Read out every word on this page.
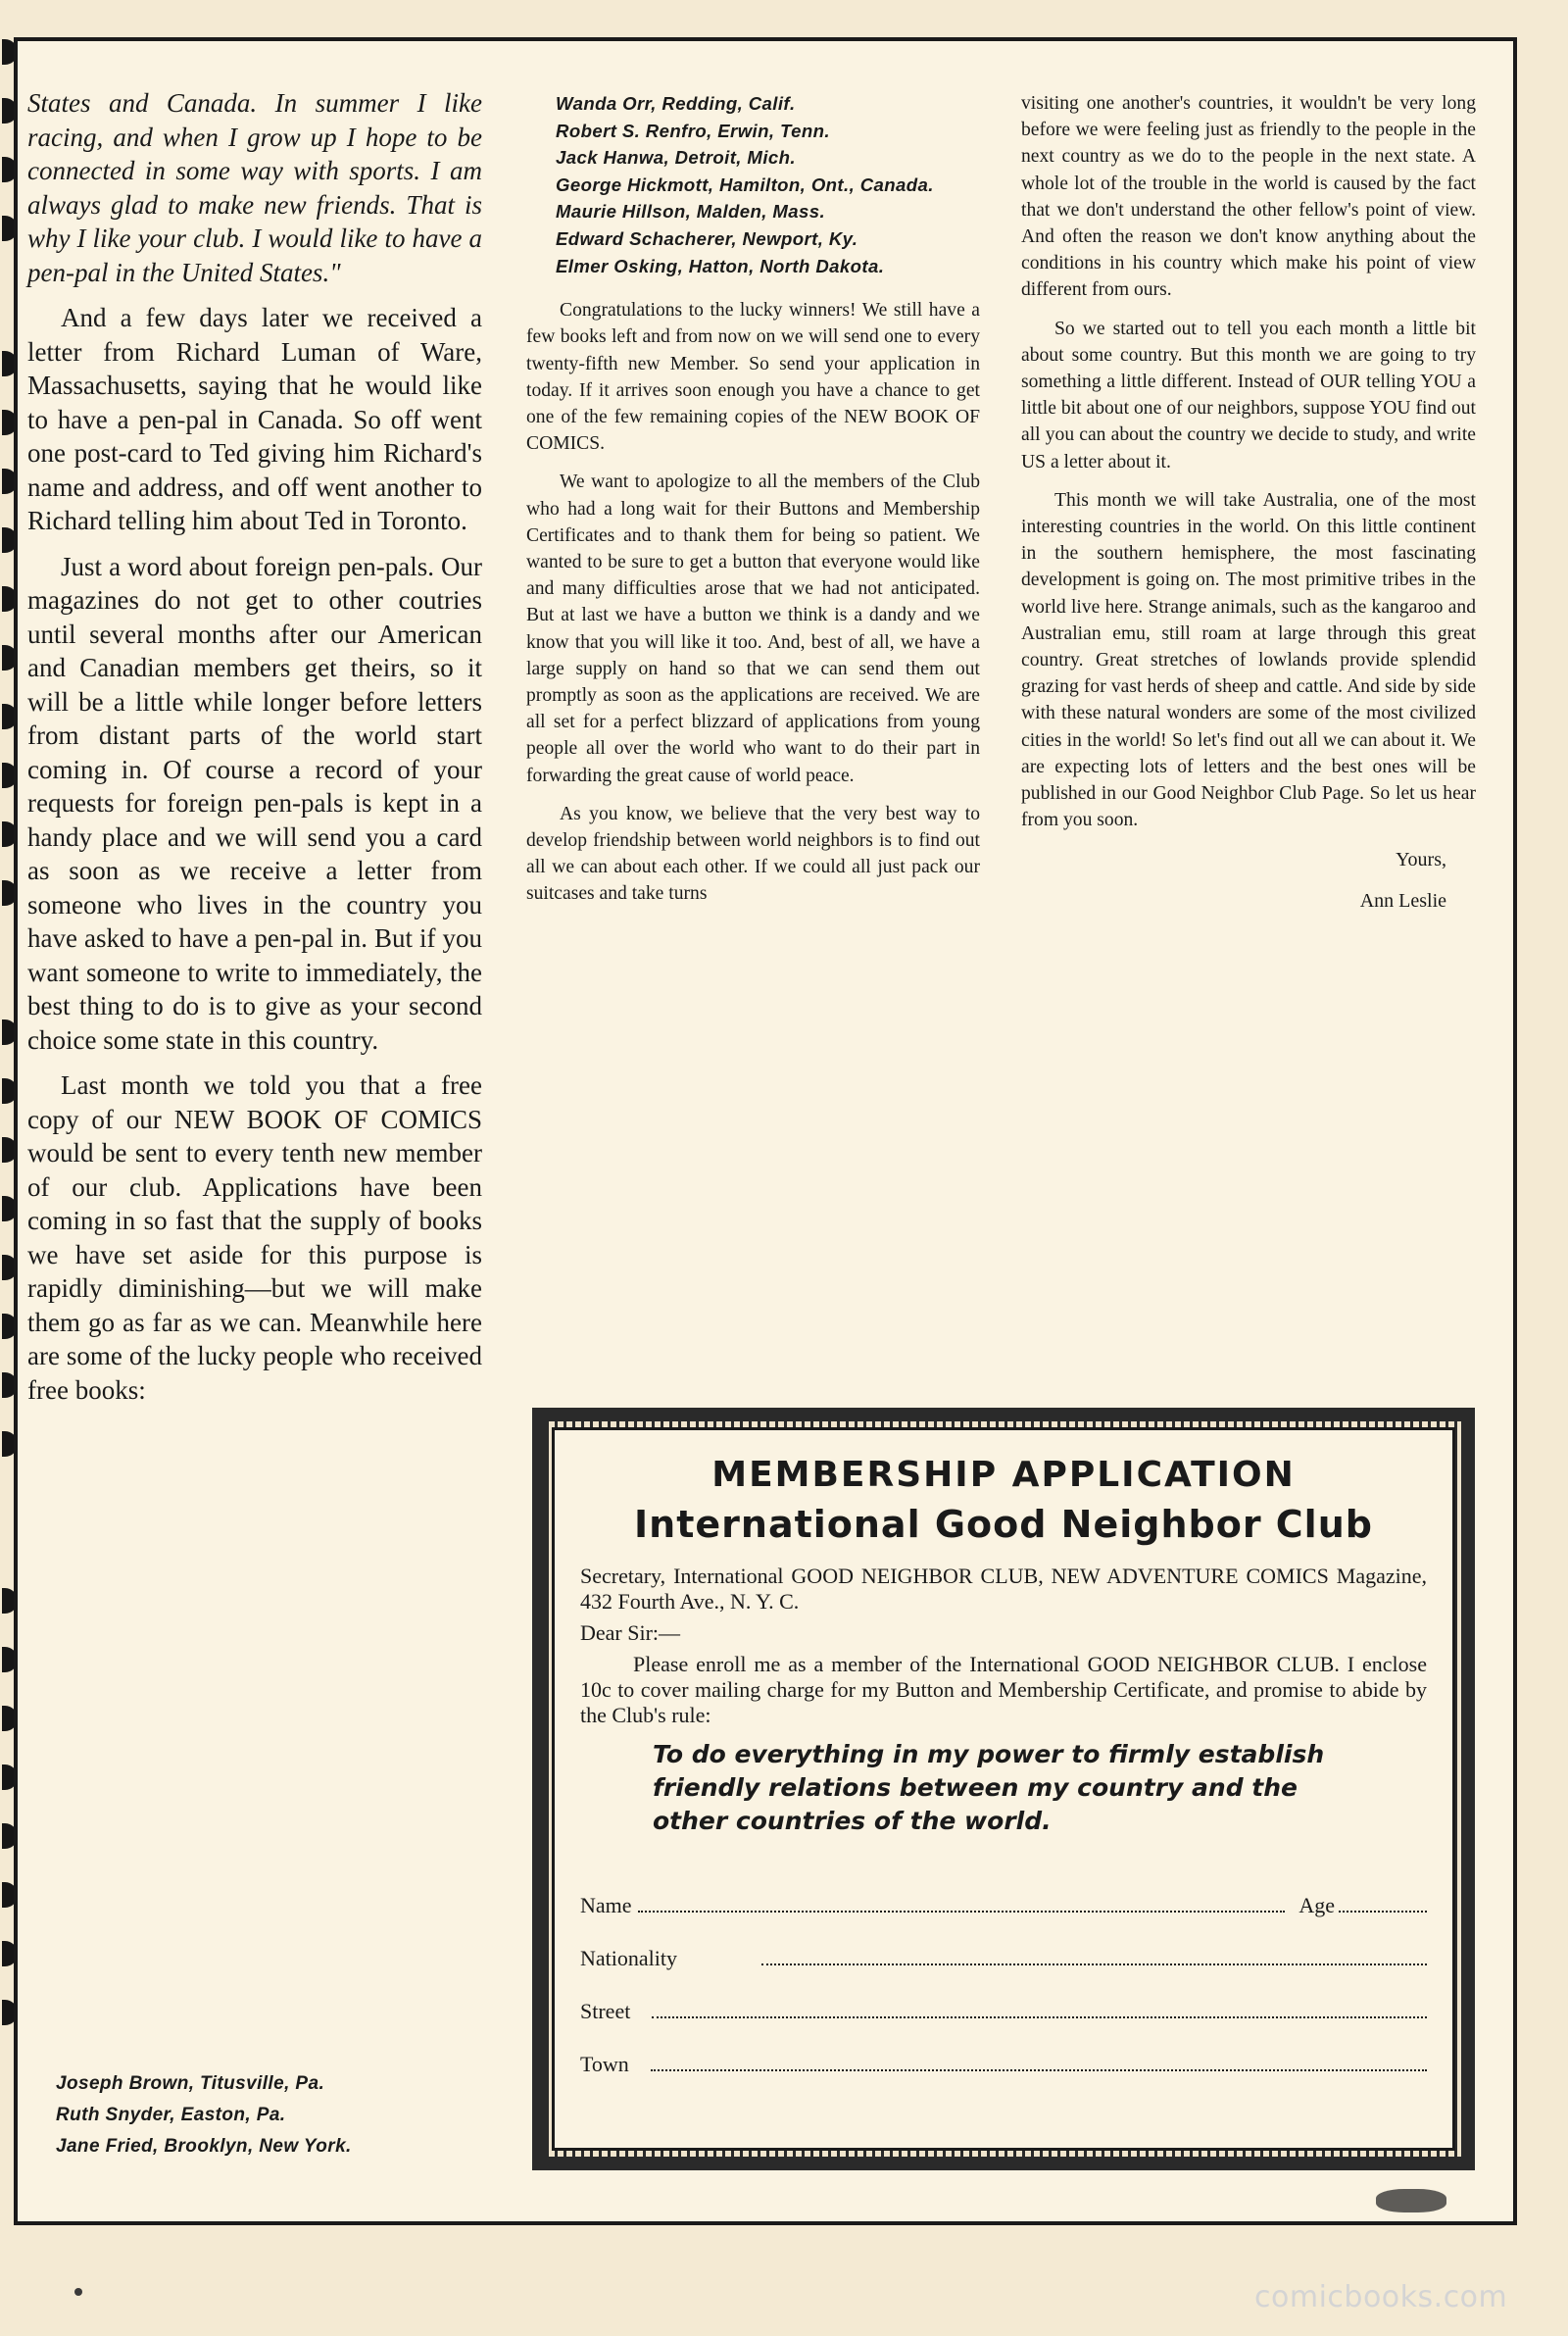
States and Canada. In summer I like racing, and when I grow up I hope to be connected in some way with sports. I am always glad to make new friends. That is why I like your club. I would like to have a pen-pal in the United States."

And a few days later we received a letter from Richard Luman of Ware, Massachusetts, saying that he would like to have a pen-pal in Canada. So off went one post-card to Ted giving him Richard's name and address, and off went another to Richard telling him about Ted in Toronto.

Just a word about foreign pen-pals. Our magazines do not get to other coutries until several months after our American and Canadian members get theirs, so it will be a little while longer before letters from distant parts of the world start coming in. Of course a record of your requests for foreign pen-pals is kept in a handy place and we will send you a card as soon as we receive a letter from someone who lives in the country you have asked to have a pen-pal in. But if you want someone to write to immediately, the best thing to do is to give as your second choice some state in this country.

Last month we told you that a free copy of our NEW BOOK OF COMICS would be sent to every tenth new member of our club. Applications have been coming in so fast that the supply of books we have set aside for this purpose is rapidly diminishing—but we will make them go as far as we can. Meanwhile here are some of the lucky people who received free books:

Joseph Brown, Titusville, Pa.
Ruth Snyder, Easton, Pa.
Jane Fried, Brooklyn, New York.
Wanda Orr, Redding, Calif.
Robert S. Renfro, Erwin, Tenn.
Jack Hanwa, Detroit, Mich.
George Hickmott, Hamilton, Ont., Canada.
Maurie Hillson, Malden, Mass.
Edward Schacherer, Newport, Ky.
Elmer Osking, Hatton, North Dakota.

Congratulations to the lucky winners! We still have a few books left and from now on we will send one to every twenty-fifth new Member. So send your application in today. If it arrives soon enough you have a chance to get one of the few remaining copies of the NEW BOOK OF COMICS.

We want to apologize to all the members of the Club who had a long wait for their Buttons and Membership Certificates and to thank them for being so patient. We wanted to be sure to get a button that everyone would like and many difficulties arose that we had not anticipated. But at last we have a button we think is a dandy and we know that you will like it too. And, best of all, we have a large supply on hand so that we can send them out promptly as soon as the applications are received. We are all set for a perfect blizzard of applications from young people all over the world who want to do their part in forwarding the great cause of world peace.

As you know, we believe that the very best way to develop friendship between world neighbors is to find out all we can about each other. If we could all just pack our suitcases and take turns

visiting one another's countries, it wouldn't be very long before we were feeling just as friendly to the people in the next country as we do to the people in the next state. A whole lot of the trouble in the world is caused by the fact that we don't understand the other fellow's point of view. And often the reason we don't know anything about the conditions in his country which make his point of view different from ours.

So we started out to tell you each month a little bit about some country. But this month we are going to try something a little different. Instead of OUR telling YOU a little bit about one of our neighbors, suppose YOU find out all you can about the country we decide to study, and write US a letter about it.

This month we will take Australia, one of the most interesting countries in the world. On this little continent in the southern hemisphere, the most fascinating development is going on. The most primitive tribes in the world live here. Strange animals, such as the kangaroo and Australian emu, still roam at large through this great country. Great stretches of lowlands provide splendid grazing for vast herds of sheep and cattle. And side by side with these natural wonders are some of the most civilized cities in the world! So let's find out all we can about it. We are expecting lots of letters and the best ones will be published in our Good Neighbor Club Page. So let us hear from you soon.

Yours,

Ann Leslie

MEMBERSHIP APPLICATION
International Good Neighbor Club

Secretary, International GOOD NEIGHBOR CLUB, NEW ADVENTURE COMICS Magazine, 432 Fourth Ave., N. Y. C.

Dear Sir:—

Please enroll me as a member of the International GOOD NEIGHBOR CLUB. I enclose 10c to cover mailing charge for my Button and Membership Certificate, and promise to abide by the Club's rule:

To do everything in my power to firmly establish friendly relations between my country and the other countries of the world.

Name	Age
Nationality
Street
Town
comicbooks.com
